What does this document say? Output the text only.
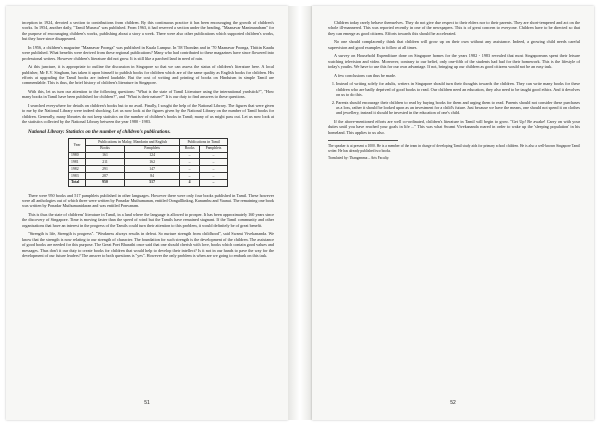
inception in 1924, devoted a section to contributions from children. By this continuous practice it has been encouraging the growth of children's works. In 1954, another daily, "Tamil Murasu" was published. From 1963, it had reserved a section under the heading, "Maanavar Manimandram" for the purpose of encouraging children's works, publishing about a story a week. There were also other publications which supported children's works, but they have since disappeared.

In 1956, a children's magazine "Maanavar Poonga" was published in Kuala Lumpur. In '58 Thondan and in '70 Maanavar Poonga, Thittin Kaadu were published. What benefits were derived from these regional publications? Many who had contributed to these magazines have since flowered into professional writers. However children's literature did not grow. It is still like a parched land in need of rain.

At this juncture, it is appropriate to outline the discussion in Singapore so that we can assess the status of children's literature here. A local publisher, Mr E.V. Singham, has taken it upon himself to publish books for children which are of the same quality as English books for children. His efforts at upgrading the Tamil books are indeed laudable. But the cost of writing and printing of books on Hinduism in simple Tamil are commendable. This is thus, the brief history of children's literature in Singapore.

With this, let us turn our attention to the following questions: "What is the state of Tamil Literature using the international yardstick?", "How many books in Tamil have been published for children?", and "What is their nature?" It is our duty to find answers to these questions.

I searched everywhere for details on children's books but to no avail. Finally, I sought the help of the National Library. The figures that were given to me by the National Library were indeed shocking. Let us now look at the figures given by the National Library on the number of Tamil books for children. Generally, many libraries do not keep statistics on the number of children's books in Tamil; many of us might pass out. Let us now look at the statistics collected by the National Library between the year 1980 - 1983.

National Library: Statistics on the number of children's publications.
Year	Publications in Malay, Mandarin and English		Publications in Tamil	
	Books	Pamphlets	Books	Pamphlets
1980	161	124	–	–
1981	211	162	–	–
1982	291	147	–	–
1983	287	84	–	–
Total	950	517	4	–

There were 950 books and 517 pamphlets published in other languages. However there were only four books published in Tamil. These however were all anthologies out of which three were written by Ponadar Muthumanan, entitled Oongalllinkng, Kanumbu and Vaanai. The remaining one book was written by Ponadar Muthumanidaran and was entitled Ponvanam.

This is thus the state of childrens' literature in Tamil, in a land where the language is allowed to prosper. It has been approximately 160 years since the discovery of Singapore. Time is moving faster than the speed of wind but the Tamils have remained stagnant. If the Tamil community and other organisations that have an interest in the progress of the Tamils could turn their attention to this problem, it would definitely be of great benefit.

"Strength is life, Strength is progress". "Weakness always results in defeat. So nurture strength from childhood", said Swami Vivekananda. We know that the strength is now relating to our strength of character. The foundation for such strength is the development of the children. The assistance of good books are needed for this purpose. The Great Poet Bharathi once said that one should cherish with love, books which contain good values and messages. Thus don't it our duty to create books for children that would help to develop their intellect? Is it not in our hands to pave the way for the development of our future leaders? The answer to both questions is "yes". However the only problem is when are we going to embark on this task.

51

Children today rarely behave themselves. They do not give due respect to their elders nor to their parents. They are short-tempered and act on the whole ill-mannered. This was reported recently in one of the newspapers. This is of great concern to everyone. Children have to be directed so that they can emerge as good citizens. Efforts towards this should be accelerated.

No one should complacently think that children will grow up on their own without any assistance. Indeed, a growing child needs careful supervision and good examples to follow at all times.

A survey on Household Expenditure done on Singapore homes for the years 1982 - 1983 revealed that most Singaporeans spent their leisure watching television and video. Moreover, contrary to our belief, only one-fifth of the students had had for their homework. This is the lifestyle of today's youths. We have to use this for our own advantage. If not, bringing up our children as good citizens would not be an easy task.

A few conclusions can thus be made.

1. Instead of writing solely for adults, writers in Singapore should turn their thoughts towards the children. They can write many books for these children who are badly deprived of good books to read. Our children need an education, they also need to be taught good ethics. And it devolves on us to do this.
2. Parents should encourage their children to read by buying books for them and urging them to read. Parents should not consider these purchases as a loss, rather it should be looked upon as an investment for a child's future. Just because we have the means, one should not spend it on clothes and jewellery, instead it should be invested in the education of one's child.

If the above-mentioned efforts are well co-ordinated, children's literature in Tamil will begin to grow. "Get Up! Be awake! Carry on with your duties until you have reached your goals in life ..." This was what Swami Vivekananda roared in order to wake up the 'sleeping population' in his homeland. This applies to us also.

The speaker is at present a 1000. He is a member of the team in charge of developing Tamil study aids for primary school children. He is also a well-known Singapore Tamil writer. He has already published two books.

Translated by: Thangamma – Arts Faculty.

52
